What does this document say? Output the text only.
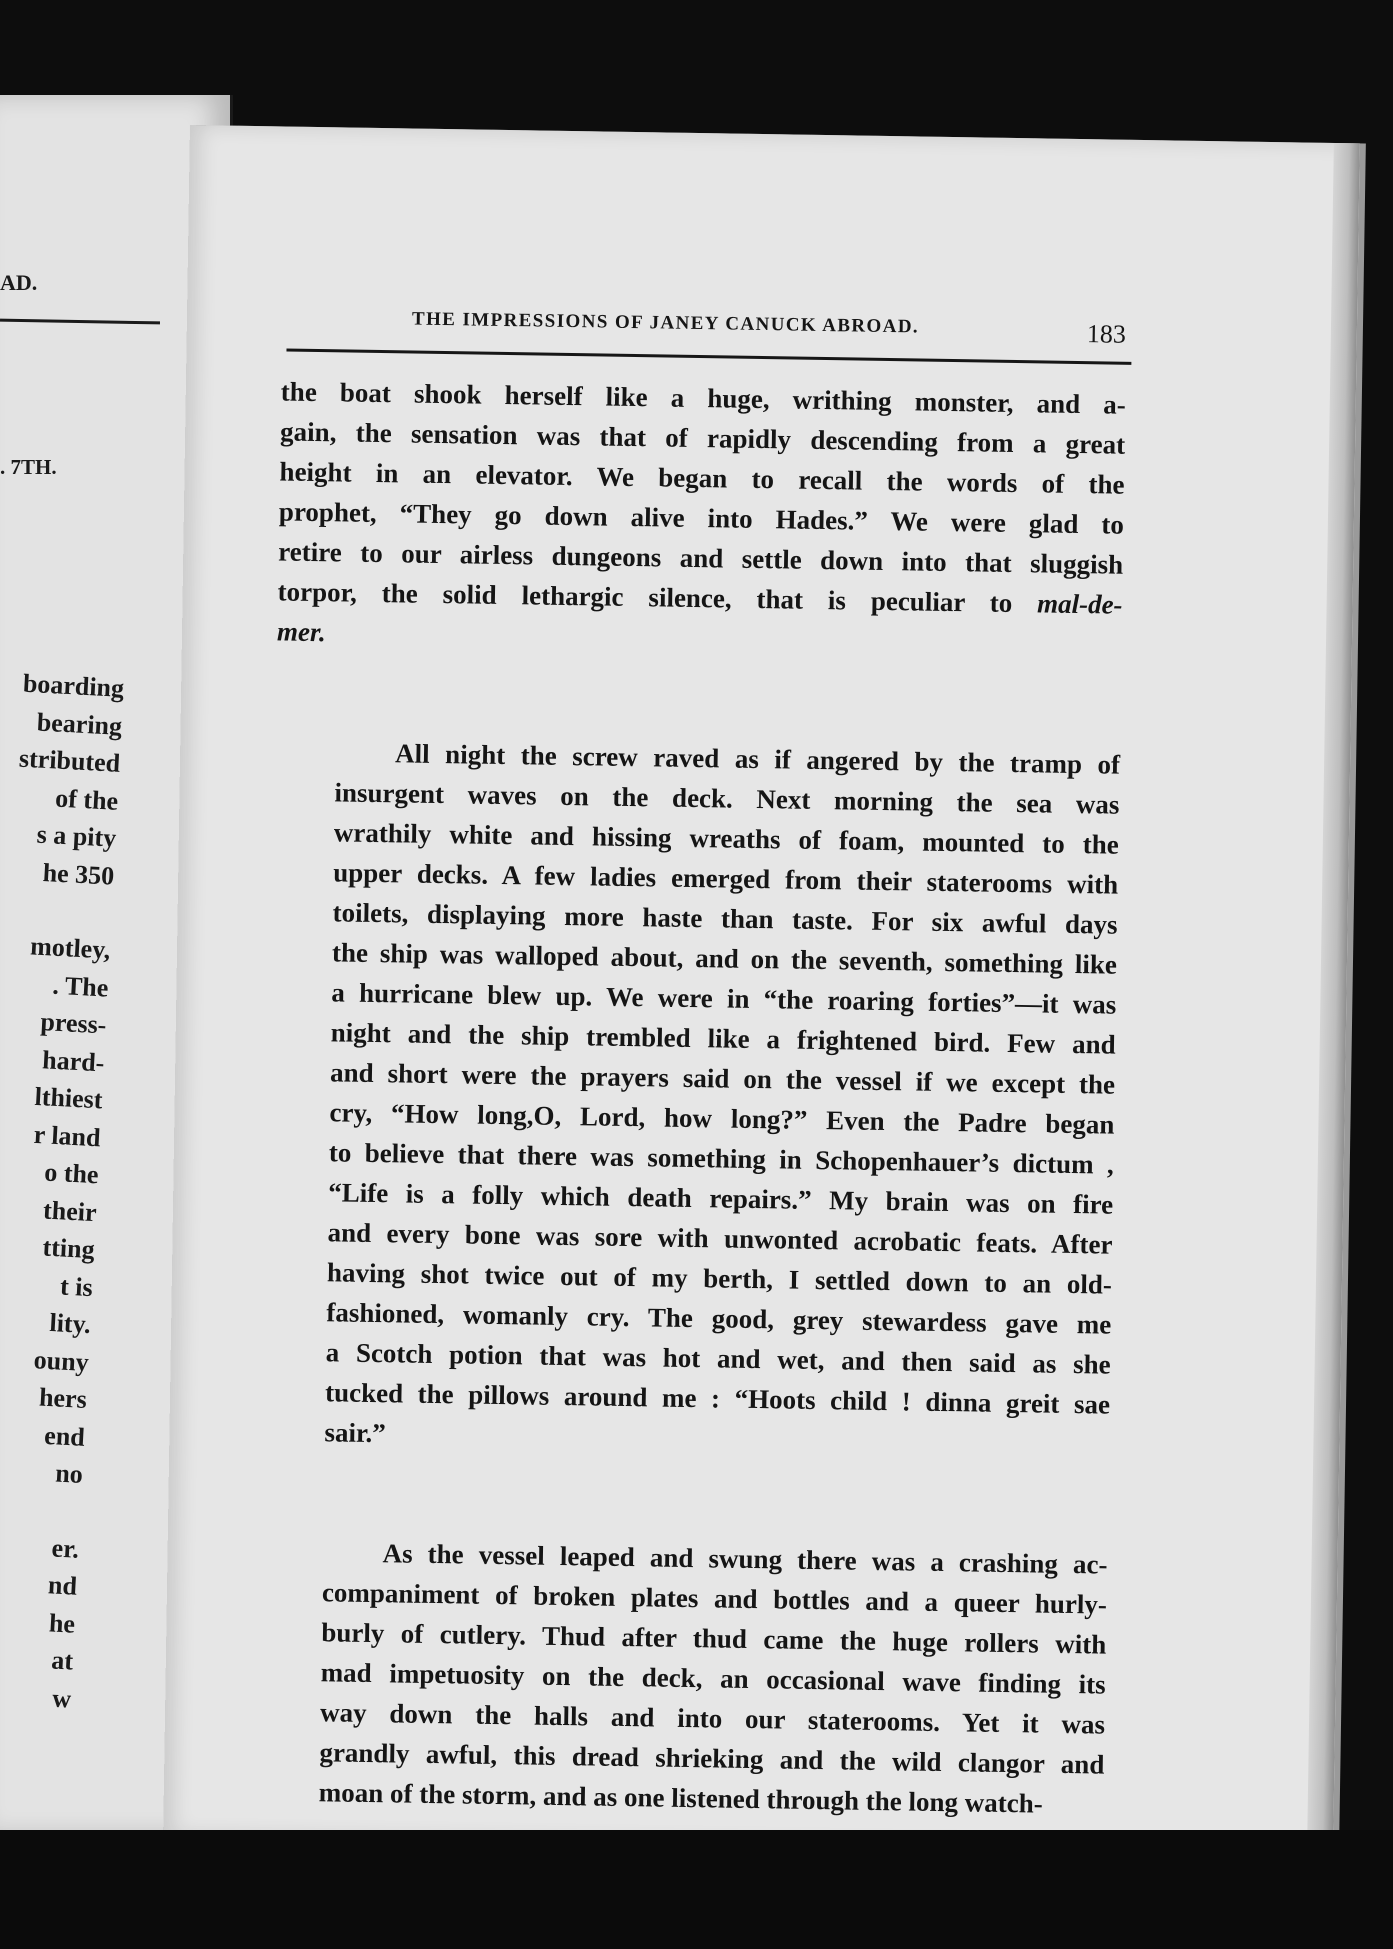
AD.
. 7TH.
boarding
bearing
stributed
of the
s a pity
he 350
motley,
. The
press-
hard-
lthiest
r land
o the
their
tting
t is
lity.
ouny
hers
end
no
er.
nd
he
at
w
THE IMPRESSIONS OF JANEY CANUCK ABROAD.	183
the boat shook herself like a huge, writhing monster, and a-
gain, the sensation was that of rapidly descending from a great
height in an elevator. We began to recall the words of the
prophet, “They go down alive into Hades.” We were glad to
retire to our airless dungeons and settle down into that sluggish
torpor, the solid lethargic silence, that is peculiar to mal-de-
mer.
All night the screw raved as if angered by the tramp of
insurgent waves on the deck. Next morning the sea was
wrathily white and hissing wreaths of foam, mounted to the
upper decks. A few ladies emerged from their staterooms with
toilets, displaying more haste than taste. For six awful days
the ship was walloped about, and on the seventh, something like
a hurricane blew up. We were in “the roaring forties”—it was
night and the ship trembled like a frightened bird. Few and
and short were the prayers said on the vessel if we except the
cry, “How long,O, Lord, how long?” Even the Padre began
to believe that there was something in Schopenhauer’s dictum ,
“Life is a folly which death repairs.” My brain was on fire
and every bone was sore with unwonted acrobatic feats. After
having shot twice out of my berth, I settled down to an old-
fashioned, womanly cry. The good, grey stewardess gave me
a Scotch potion that was hot and wet, and then said as she
tucked the pillows around me : “Hoots child ! dinna greit sae
sair.”
As the vessel leaped and swung there was a crashing ac-
companiment of broken plates and bottles and a queer hurly-
burly of cutlery. Thud after thud came the huge rollers with
mad impetuosity on the deck, an occasional wave finding its
way down the halls and into our staterooms. Yet it was
grandly awful, this dread shrieking and the wild clangor and
moan of the storm, and as one listened through the long watch-
